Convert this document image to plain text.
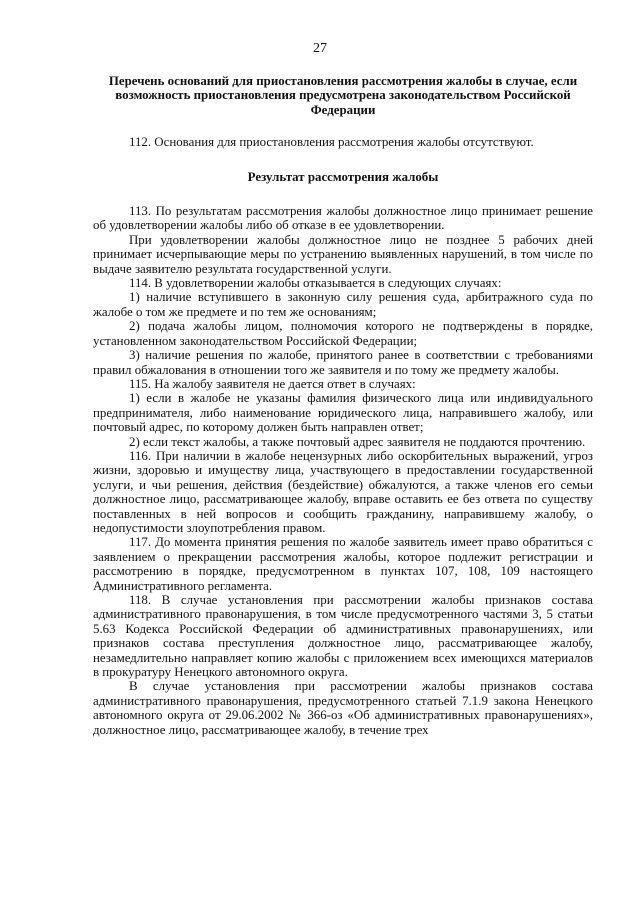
27
Перечень оснований для приостановления рассмотрения жалобы в случае, если возможность приостановления предусмотрена законодательством Российской Федерации

112. Основания для приостановления рассмотрения жалобы отсутствуют.

Результат рассмотрения жалобы

113. По результатам рассмотрения жалобы должностное лицо принимает решение об удовлетворении жалобы либо об отказе в ее удовлетворении.

При удовлетворении жалобы должностное лицо не позднее 5 рабочих дней принимает исчерпывающие меры по устранению выявленных нарушений, в том числе по выдаче заявителю результата государственной услуги.

114. В удовлетворении жалобы отказывается в следующих случаях:

1) наличие вступившего в законную силу решения суда, арбитражного суда по жалобе о том же предмете и по тем же основаниям;

2) подача жалобы лицом, полномочия которого не подтверждены в порядке, установленном законодательством Российской Федерации;

3) наличие решения по жалобе, принятого ранее в соответствии с требованиями правил обжалования в отношении того же заявителя и по тому же предмету жалобы.

115. На жалобу заявителя не дается ответ в случаях:

1) если в жалобе не указаны фамилия физического лица или индивидуального предпринимателя, либо наименование юридического лица, направившего жалобу, или почтовый адрес, по которому должен быть направлен ответ;

2) если текст жалобы, а также почтовый адрес заявителя не поддаются прочтению.

116. При наличии в жалобе нецензурных либо оскорбительных выражений, угроз жизни, здоровью и имуществу лица, участвующего в предоставлении государственной услуги, и чьи решения, действия (бездействие) обжалуются, а также членов его семьи должностное лицо, рассматривающее жалобу, вправе оставить ее без ответа по существу поставленных в ней вопросов и сообщить гражданину, направившему жалобу, о недопустимости злоупотребления правом.

117. До момента принятия решения по жалобе заявитель имеет право обратиться с заявлением о прекращении рассмотрения жалобы, которое подлежит регистрации и рассмотрению в порядке, предусмотренном в пунктах 107, 108, 109 настоящего Административного регламента.

118. В случае установления при рассмотрении жалобы признаков состава административного правонарушения, в том числе предусмотренного частями 3, 5 статьи 5.63 Кодекса Российской Федерации об административных правонарушениях, или признаков состава преступления должностное лицо, рассматривающее жалобу, незамедлительно направляет копию жалобы с приложением всех имеющихся материалов в прокуратуру Ненецкого автономного округа.

В случае установления при рассмотрении жалобы признаков состава административного правонарушения, предусмотренного статьей 7.1.9 закона Ненецкого автономного округа от 29.06.2002 № 366-оз «Об административных правонарушениях», должностное лицо, рассматривающее жалобу, в течение трех
